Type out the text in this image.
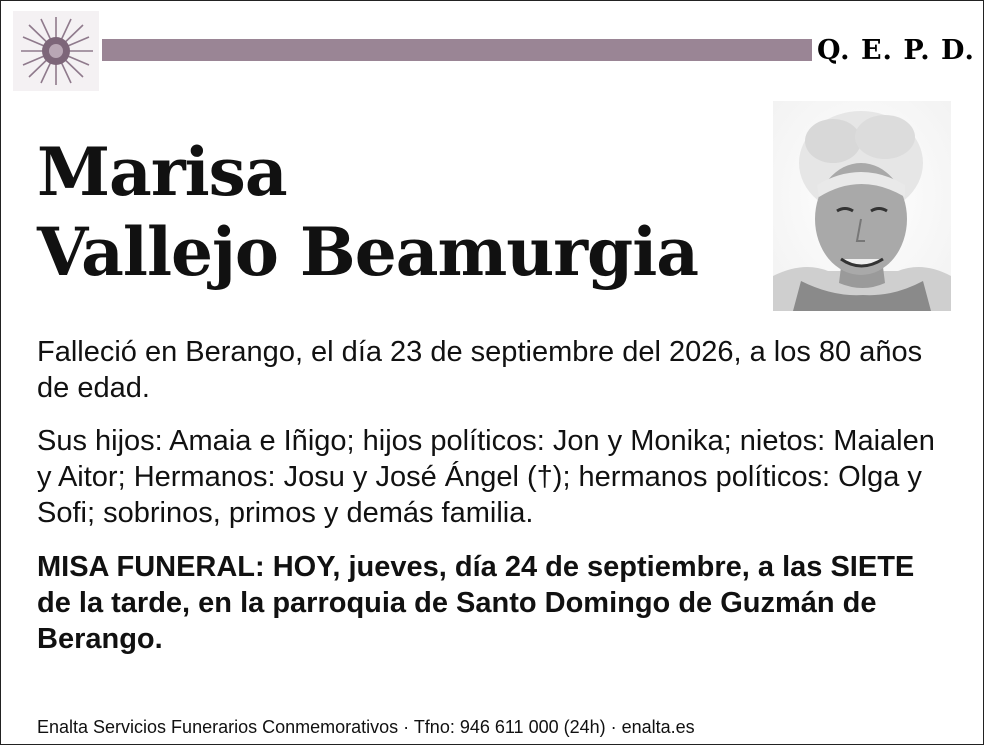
Q. E. P. D.
Marisa
Vallejo Beamurgia

Falleció en Berango, el día 23 de septiembre del 2026, a los 80 años de edad.

Sus hijos: Amaia e Iñigo; hijos políticos: Jon y Monika; nietos: Maialen y Aitor; Hermanos: Josu y José Ángel (†); hermanos políticos: Olga y Sofi; sobrinos, primos y demás familia.

MISA FUNERAL: HOY, jueves, día 24 de septiembre, a las SIETE de la tarde, en la parroquia de Santo Domingo de Guzmán de Berango.

Enalta Servicios Funerarios Conmemorativos · Tfno: 946 611 000 (24h) · enalta.es
